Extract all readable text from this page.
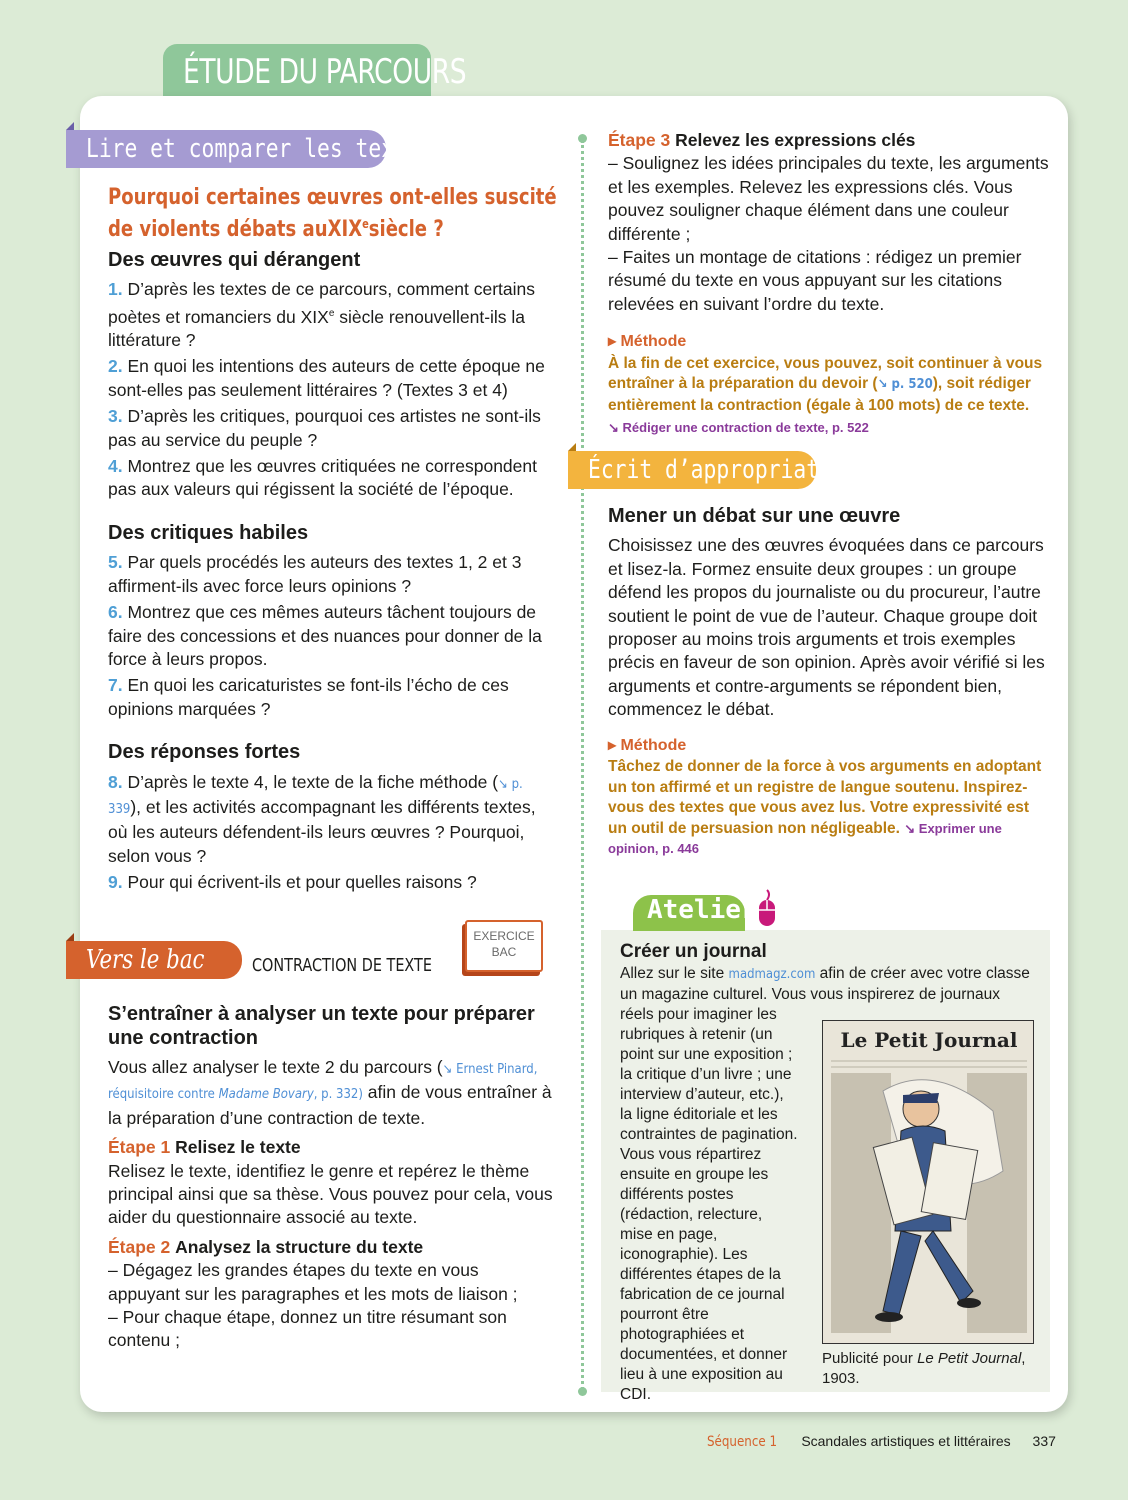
ÉTUDE DU PARCOURS
Lire et comparer les textes
Pourquoi certaines œuvres ont-elles suscité
de violents débats auXIX$^e$siècle ?
Des œuvres qui dérangent
1. D’après les textes de ce parcours, comment certains poètes et romanciers du XIXe siècle renouvellent-ils la littérature ?
2. En quoi les intentions des auteurs de cette époque ne sont-elles pas seulement littéraires ? (Textes 3 et 4)
3. D’après les critiques, pourquoi ces artistes ne sont-ils pas au service du peuple ?
4. Montrez que les œuvres critiquées ne correspondent pas aux valeurs qui régissent la société de l’époque.
Des critiques habiles
5. Par quels procédés les auteurs des textes 1, 2 et 3 affirment-ils avec force leurs opinions ?
6. Montrez que ces mêmes auteurs tâchent toujours de faire des concessions et des nuances pour donner de la force à leurs propos.
7. En quoi les caricaturistes se font-ils l’écho de ces opinions marquées ?
Des réponses fortes
8. D’après le texte 4, le texte de la fiche méthode (↘ p. 339), et les activités accompagnant les différents textes, où les auteurs défendent-ils leurs œuvres ? Pourquoi, selon vous ?
9. Pour qui écrivent-ils et pour quelles raisons ?
Vers le bac	CONTRACTION DE TEXTE
EXERCICE
BAC
S’entraîner à analyser un texte pour préparer une contraction
Vous allez analyser le texte 2 du parcours (↘ Ernest Pinard, réquisitoire contre Madame Bovary, p. 332) afin de vous entraîner à la préparation d’une contraction de texte.
Étape 1 Relisez le texte
Relisez le texte, identifiez le genre et repérez le thème principal ainsi que sa thèse. Vous pouvez pour cela, vous aider du questionnaire associé au texte.
Étape 2 Analysez la structure du texte
– Dégagez les grandes étapes du texte en vous appuyant sur les paragraphes et les mots de liaison ;
– Pour chaque étape, donnez un titre résumant son contenu ;
Étape 3 Relevez les expressions clés
– Soulignez les idées principales du texte, les arguments et les exemples. Relevez les expressions clés. Vous pouvez souligner chaque élément dans une couleur différente ;
– Faites un montage de citations : rédigez un premier résumé du texte en vous appuyant sur les citations relevées en suivant l’ordre du texte.
▸ Méthode
À la fin de cet exercice, vous pouvez, soit continuer à vous entraîner à la préparation du devoir (↘ p. 520), soit rédiger entièrement la contraction (égale à 100 mots) de ce texte.
↘ Rédiger une contraction de texte, p. 522
Écrit d’appropriation
Mener un débat sur une œuvre
Choisissez une des œuvres évoquées dans ce parcours et lisez-la. Formez ensuite deux groupes : un groupe défend les propos du journaliste ou du procureur, l’autre soutient le point de vue de l’auteur. Chaque groupe doit proposer au moins trois arguments et trois exemples précis en faveur de son opinion. Après avoir vérifié si les arguments et contre-arguments se répondent bien, commencez le débat.
▸ Méthode
Tâchez de donner de la force à vos arguments en adoptant un ton affirmé et un registre de langue soutenu. Inspirez-vous des textes que vous avez lus. Votre expressivité est un outil de persuasion non négligeable. ↘ Exprimer une opinion, p. 446
Atelier
Créer un journal
Allez sur le site madmagz.com afin de créer avec votre classe un magazine culturel. Vous vous inspirerez de journaux
réels pour imaginer les rubriques à retenir (un point sur une exposition ; la critique d’un livre ; une interview d’auteur, etc.), la ligne éditoriale et les contraintes de pagination. Vous vous répartirez ensuite en groupe les différents postes (rédaction, relecture, mise en page, iconographie). Les différentes étapes de la fabrication de ce journal pourront être photographiées et documentées, et donner lieu à une exposition au CDI.
Le Petit Journal
Publicité pour Le Petit Journal, 1903.
Séquence 1 Scandales artistiques et littéraires 337
